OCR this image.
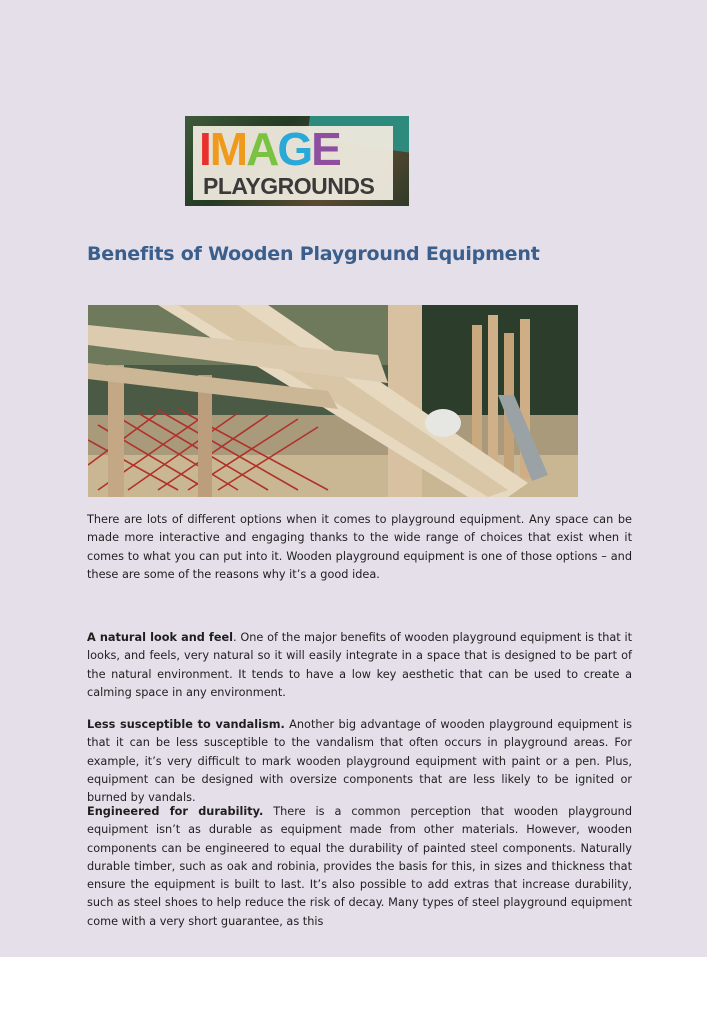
IMAGE
PLAYGROUNDS
Benefits of Wooden Playground Equipment

There are lots of different options when it comes to playground equipment. Any space can be made more interactive and engaging thanks to the wide range of choices that exist when it comes to what you can put into it. Wooden playground equipment is one of those options – and these are some of the reasons why it’s a good idea.

A natural look and feel. One of the major benefits of wooden playground equipment is that it looks, and feels, very natural so it will easily integrate in a space that is designed to be part of the natural environment. It tends to have a low key aesthetic that can be used to create a calming space in any environment.

Less susceptible to vandalism. Another big advantage of wooden playground equipment is that it can be less susceptible to the vandalism that often occurs in playground areas. For example, it’s very difficult to mark wooden playground equipment with paint or a pen. Plus, equipment can be designed with oversize components that are less likely to be ignited or burned by vandals.

Engineered for durability. There is a common perception that wooden playground equipment isn’t as durable as equipment made from other materials. However, wooden components can be engineered to equal the durability of painted steel components. Naturally durable timber, such as oak and robinia, provides the basis for this, in sizes and thickness that ensure the equipment is built to last. It’s also possible to add extras that increase durability, such as steel shoes to help reduce the risk of decay. Many types of steel playground equipment come with a very short guarantee, as this
